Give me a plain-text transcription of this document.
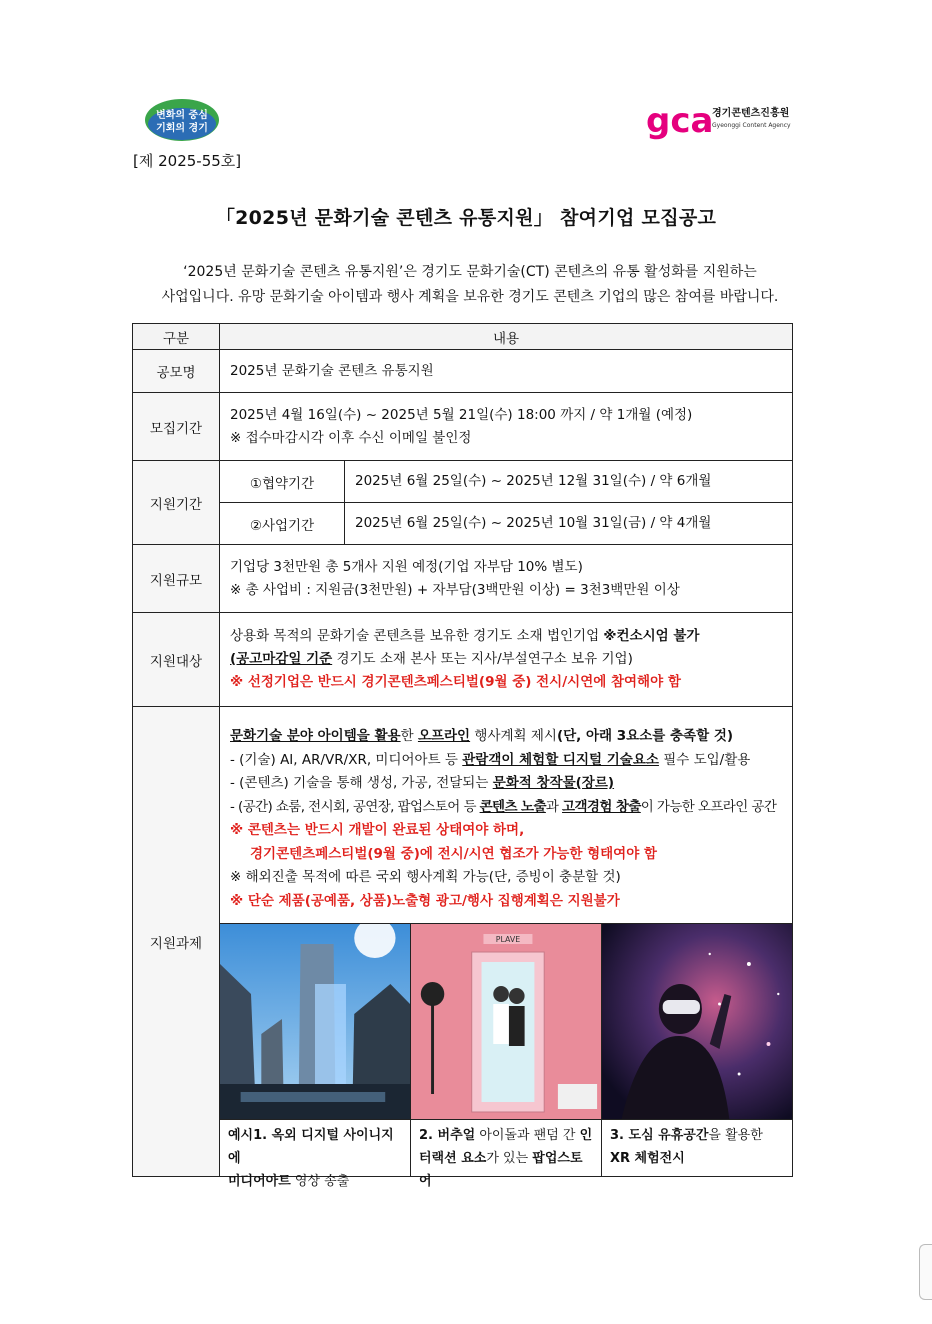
변화의 중심
기회의 경기	gca
경기콘텐츠진흥원
Gyeonggi Content Agency
[제 2025-55호]
「2025년 문화기술 콘텐츠 유통지원」 참여기업 모집공고
‘2025년 문화기술 콘텐츠 유통지원’은 경기도 문화기술(CT) 콘텐츠의 유통 활성화를 지원하는
사업입니다. 유망 문화기술 아이템과 행사 계획을 보유한 경기도 콘텐츠 기업의 많은 참여를 바랍니다.
구분	내용
공모명	2025년 문화기술 콘텐츠 유통지원
모집기간	
2025년 4월 16일(수) ~ 2025년 5월 21일(수) 18:00 까지 / 약 1개월 (예정)
※ 접수마감시각 이후 수신 이메일 불인정

지원기간	
①협약기간	2025년 6월 25일(수) ~ 2025년 12월 31일(수) / 약 6개월
②사업기간	2025년 6월 25일(수) ~ 2025년 10월 31일(금) / 약 4개월

지원규모	
기업당 3천만원 총 5개사 지원 예정(기업 자부담 10% 별도)
※ 총 사업비 : 지원금(3천만원) + 자부담(3백만원 이상) = 3천3백만원 이상

지원대상	
상용화 목적의 문화기술 콘텐츠를 보유한 경기도 소재 법인기업 ※컨소시엄 불가
(공고마감일 기준 경기도 소재 본사 또는 지사/부설연구소 보유 기업)
※ 선정기업은 반드시 경기콘텐츠페스티벌(9월 중) 전시/시연에 참여해야 함

지원과제	
문화기술 분야 아이템을 활용한 오프라인 행사계획 제시(단, 아래 3요소를 충족할 것)
- (기술) AI, AR/VR/XR, 미디어아트 등 관람객이 체험할 디지털 기술요소 필수 도입/활용
- (콘텐츠) 기술을 통해 생성, 가공, 전달되는 문화적 창작물(장르)
- (공간) 쇼룸, 전시회, 공연장, 팝업스토어 등 콘텐츠 노출과 고객경험 창출이 가능한 오프라인 공간
※ 콘텐츠는 반드시 개발이 완료된 상태여야 하며,
경기콘텐츠페스티벌(9월 중)에 전시/시연 협조가 가능한 형태여야 함
※ 해외진출 목적에 따른 국외 행사계획 가능(단, 증빙이 충분할 것)
※ 단순 제품(공예품, 상품)노출형 광고/행사 집행계획은 지원불가
PLAVE
예시1. 옥외 디지털 사이니지에
미디어아트 영상 송출
2. 버추얼 아이돌과 팬덤 간 인
터랙션 요소가 있는 팝업스토어
3. 도심 유휴공간을 활용한
XR 체험전시
